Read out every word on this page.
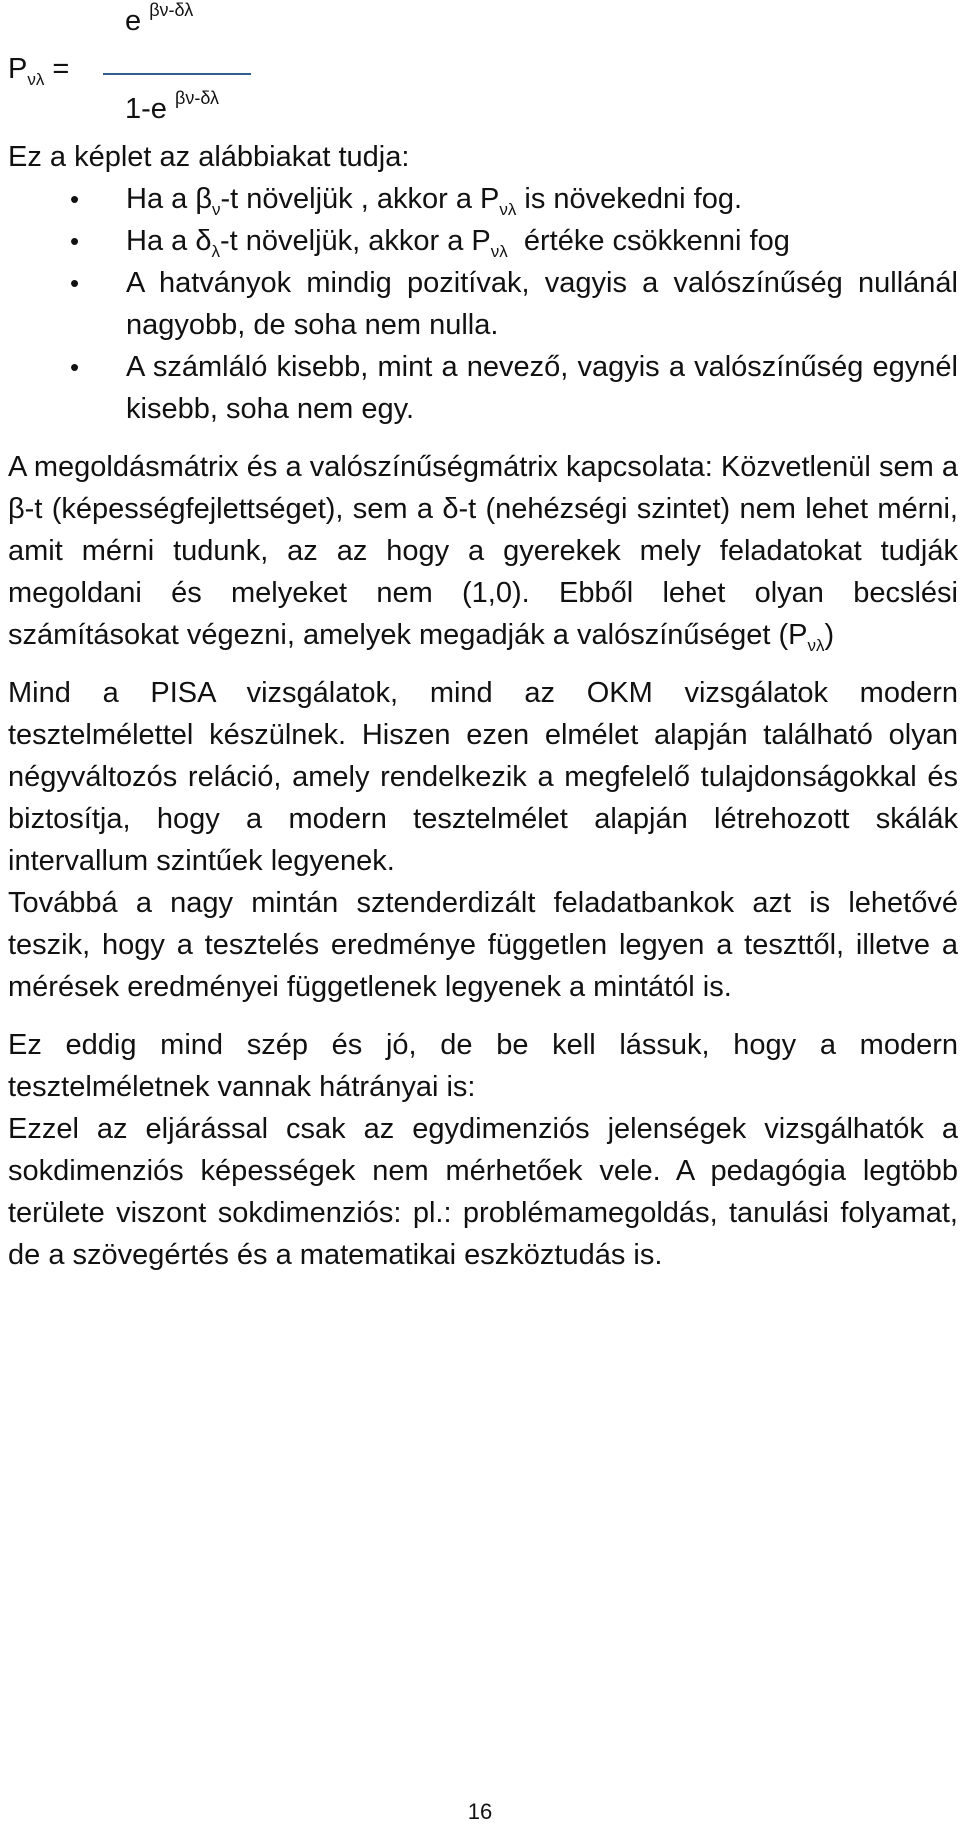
$P_{\nu\lambda}$ =
e $^{\beta\nu-\delta\lambda}$
1-e $^{\beta\nu-\delta\lambda}$

Ez a képlet az alábbiakat tudja:

• Ha a $\beta_\nu-t$ növeljük , akkor a $P_{\nu\lambda}$ is növekedni fog.
• Ha a $\delta_\lambda-t$ növeljük, akkor a $P_{\nu\lambda}$  értéke csökkenni fog
• A hatványok mindig pozitívak, vagyis a valószínűség nullánál nagyobb, de soha nem nulla.
• A számláló kisebb, mint a nevező, vagyis a valószínűség egynél kisebb, soha nem egy.

A megoldásmátrix és a valószínűségmátrix kapcsolata: Közvetlenül sem a β-t (képességfejlettséget), sem a δ-t (nehézségi szintet) nem lehet mérni, amit mérni tudunk, az az hogy a gyerekek mely feladatokat tudják megoldani és melyeket nem (1,0). Ebből lehet olyan becslési számításokat végezni, amelyek megadják a valószínűséget $(P_{\nu\lambda})$

Mind a PISA vizsgálatok, mind az OKM vizsgálatok modern tesztelmélettel készülnek. Hiszen ezen elmélet alapján található olyan négyváltozós reláció, amely rendelkezik a megfelelő tulajdonságokkal és biztosítja, hogy a modern tesztelmélet alapján létrehozott skálák intervallum szintűek legyenek.

Továbbá a nagy mintán sztenderdizált feladatbankok azt is lehetővé teszik, hogy a tesztelés eredménye független legyen a teszttől, illetve a mérések eredményei függetlenek legyenek a mintától is.

Ez eddig mind szép és jó, de be kell lássuk, hogy a modern tesztelméletnek vannak hátrányai is:

Ezzel az eljárással csak az egydimenziós jelenségek vizsgálhatók a sokdimenziós képességek nem mérhetőek vele. A pedagógia legtöbb területe viszont sokdimenziós: pl.: problémamegoldás, tanulási folyamat, de a szövegértés és a matematikai eszköztudás is.

16
